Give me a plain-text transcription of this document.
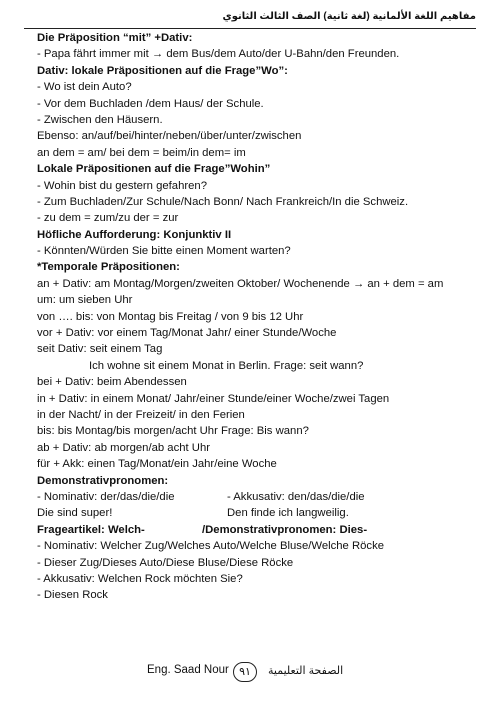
مفاهيم اللغة الألمانية (لغة ثانية) الصف الثالث الثانوي
Die Präposition “mit” +Dativ:
- Papa fährt immer mit → dem Bus/dem Auto/der U-Bahn/den Freunden.
Dativ: lokale Präpositionen auf die Frage”Wo”:
- Wo ist dein Auto?
- Vor dem Buchladen /dem Haus/ der Schule.
- Zwischen den Häusern.
Ebenso: an/auf/bei/hinter/neben/über/unter/zwischen
an dem = am/ bei dem = beim/in dem= im
Lokale Präpositionen auf die Frage”Wohin”
- Wohin bist du gestern gefahren?
- Zum Buchladen/Zur Schule/Nach Bonn/ Nach Frankreich/In die Schweiz.
- zu dem = zum/zu der = zur
Höfliche Aufforderung: Konjunktiv II
- Könnten/Würden Sie bitte einen Moment warten?
*Temporale Präpositionen:
an + Dativ: am Montag/Morgen/zweiten Oktober/ Wochenende → an + dem = am
um: um sieben Uhr
von …. bis: von Montag bis Freitag / von 9 bis 12 Uhr
vor + Dativ: vor einem Tag/Monat Jahr/ einer Stunde/Woche
seit Dativ: seit einem Tag
Ich wohne sit einem Monat in Berlin. Frage: seit wann?
bei + Dativ: beim Abendessen
in + Dativ: in einem Monat/ Jahr/einer Stunde/einer Woche/zwei Tagen
in der Nacht/ in der Freizeit/ in den Ferien
bis: bis Montag/bis morgen/acht Uhr Frage: Bis wann?
ab + Dativ: ab morgen/ab acht Uhr
für + Akk: einen Tag/Monat/ein Jahr/eine Woche
Demonstrativpronomen:
- Nominativ: der/das/die/die	- Akkusativ: den/das/die/die
Die sind super!	Den finde ich langweilig.
Frageartikel: Welch-	/Demonstrativpronomen: Dies-
- Nominativ: Welcher Zug/Welches Auto/Welche Bluse/Welche Röcke
- Dieser Zug/Dieses Auto/Diese Bluse/Diese Röcke
- Akkusativ: Welchen Rock möchten Sie?
- Diesen Rock
Eng. Saad Nour ٩١	الصفحة التعليمية
